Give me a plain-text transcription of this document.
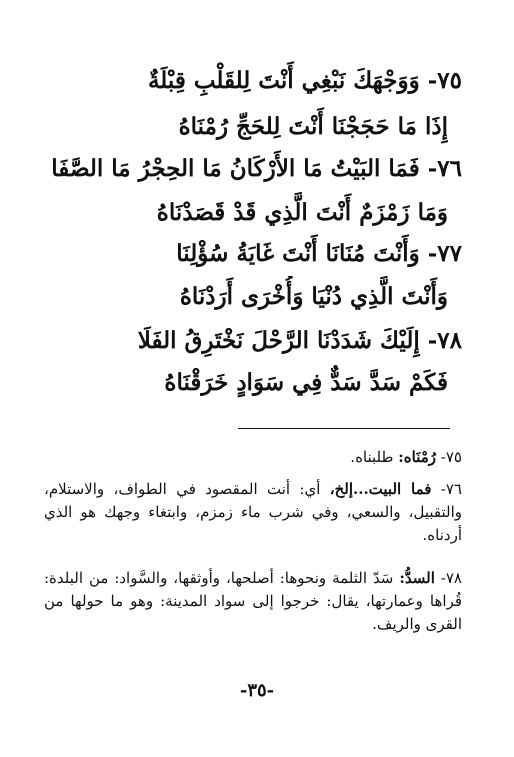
٧٥-
وَوَجْهَكَ نَبْغِي أَنْتَ لِلقَلْبِ قِبْلَةٌ
إِذَا مَا حَجَجْنَا أَنْتَ لِلحَجِّ رُمْنَاهُ
٧٦-
فَمَا البَيْتُ مَا الأَرْكَانُ مَا الحِجْرُ مَا الصَّفَا
وَمَا زَمْزَمٌ أَنْتَ الَّذِي قَدْ قَصَدْنَاهُ
٧٧-
وَأَنْتَ مُنَانَا أَنْتَ غَايَةُ سُؤْلِنَا
وَأَنْتَ الَّذِي دُنْيَا وَأُخْرَى أَرَدْنَاهُ
٧٨-
إِلَيْكَ شَدَدْنَا الرَّحْلَ نَخْتَرِقُ الفَلَا
فَكَمْ سَدَّ سَدٌّ فِي سَوَادٍ خَرَقْنَاهُ
٧٥- رُمْنَاه: طلبناه.
٧٦- فما البيت...إلخ، أي: أنت المقصود في الطواف، والاستلام، والتقبيل، والسعي، وفي شرب ماء زمزم، وابتغاء وجهك هو الذي أردناه.
٧٨- السدُّ: سَدّ الثلمة ونحوها: أصلحها، وأوثقها، والسَّواد: من البلدة: قُراها وعمارتها، يقال: خرجوا إلى سواد المدينة: وهو ما حولها من القرى والريف.
-٣٥-
